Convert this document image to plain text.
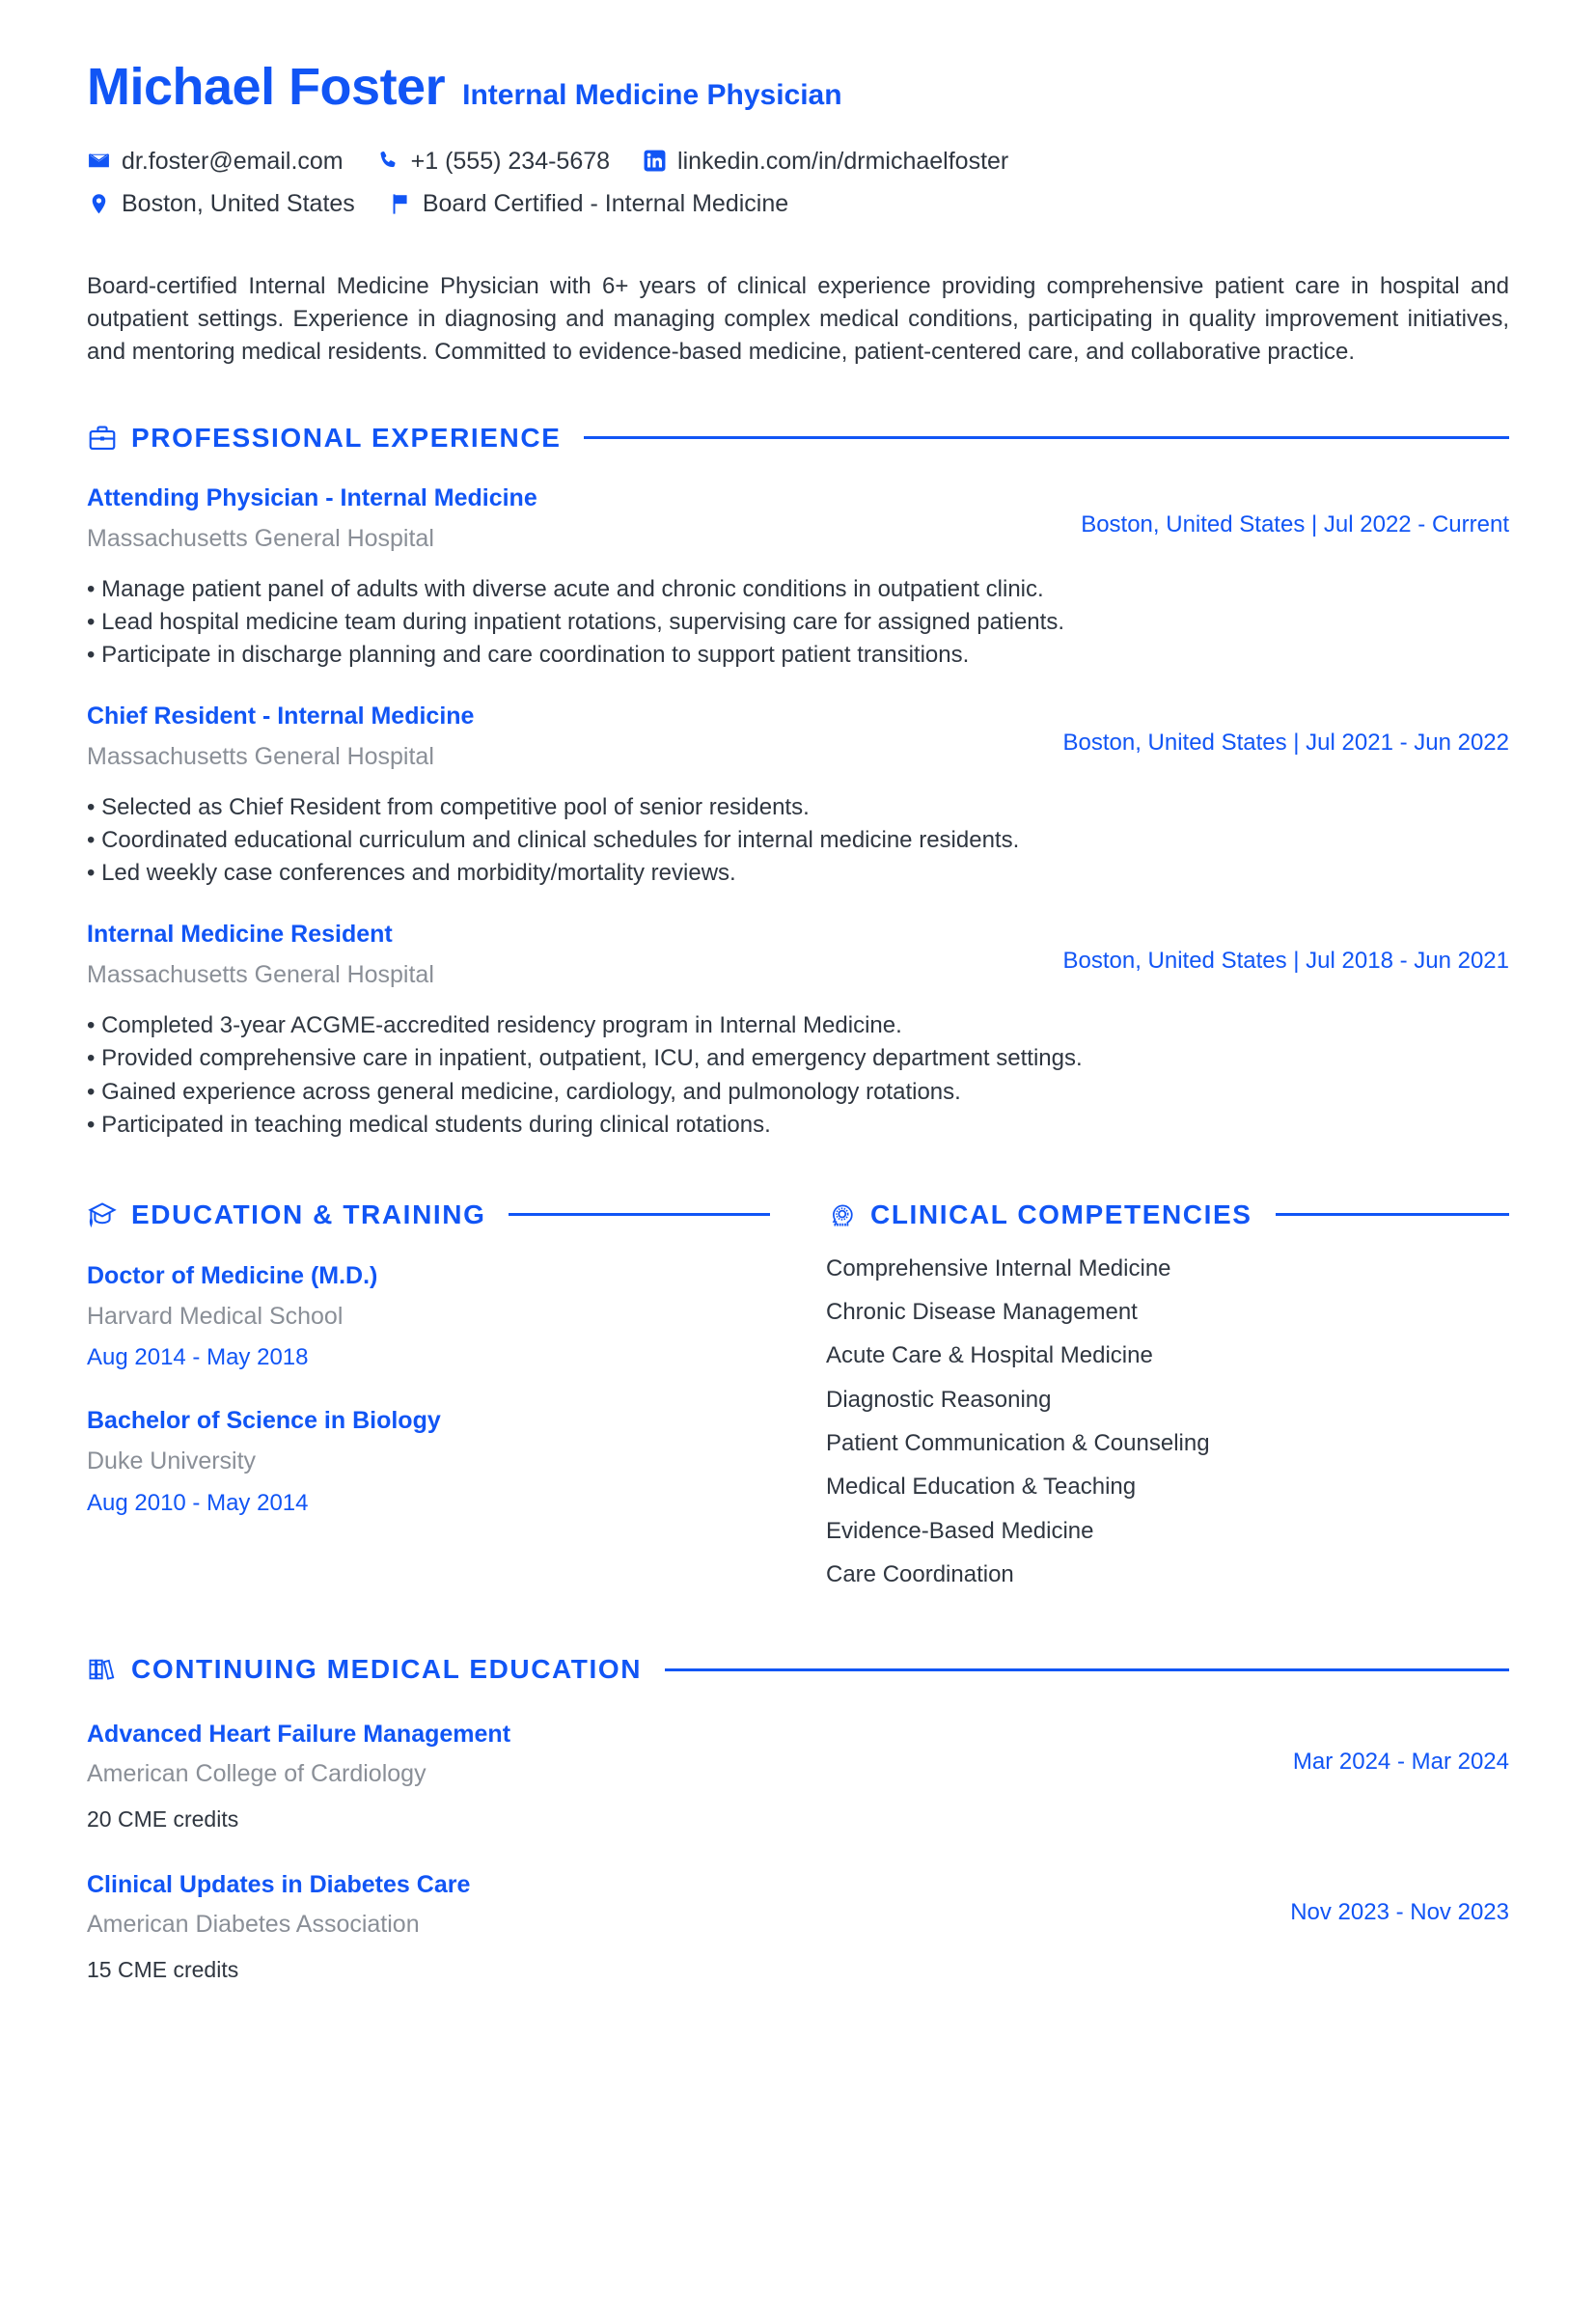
Michael Foster Internal Medicine Physician
dr.foster@email.com	+1 (555) 234-5678	linkedin.com/in/drmichaelfoster
Boston, United States	Board Certified - Internal Medicine
Board-certified Internal Medicine Physician with 6+ years of clinical experience providing comprehensive patient care in hospital and outpatient settings. Experience in diagnosing and managing complex medical conditions, participating in quality improvement initiatives, and mentoring medical residents. Committed to evidence-based medicine, patient-centered care, and collaborative practice.
PROFESSIONAL EXPERIENCE
Attending Physician - Internal Medicine
Massachusetts General Hospital
Boston, United States | Jul 2022 - Current
• Manage patient panel of adults with diverse acute and chronic conditions in outpatient clinic.
• Lead hospital medicine team during inpatient rotations, supervising care for assigned patients.
• Participate in discharge planning and care coordination to support patient transitions.
Chief Resident - Internal Medicine
Massachusetts General Hospital
Boston, United States | Jul 2021 - Jun 2022
• Selected as Chief Resident from competitive pool of senior residents.
• Coordinated educational curriculum and clinical schedules for internal medicine residents.
• Led weekly case conferences and morbidity/mortality reviews.
Internal Medicine Resident
Massachusetts General Hospital
Boston, United States | Jul 2018 - Jun 2021
• Completed 3-year ACGME-accredited residency program in Internal Medicine.
• Provided comprehensive care in inpatient, outpatient, ICU, and emergency department settings.
• Gained experience across general medicine, cardiology, and pulmonology rotations.
• Participated in teaching medical students during clinical rotations.
EDUCATION & TRAINING
Doctor of Medicine (M.D.)
Harvard Medical School
Aug 2014 - May 2018
Bachelor of Science in Biology
Duke University
Aug 2010 - May 2014
CLINICAL COMPETENCIES
Comprehensive Internal Medicine
Chronic Disease Management
Acute Care & Hospital Medicine
Diagnostic Reasoning
Patient Communication & Counseling
Medical Education & Teaching
Evidence-Based Medicine
Care Coordination
CONTINUING MEDICAL EDUCATION
Advanced Heart Failure Management
American College of Cardiology
20 CME credits
Mar 2024 - Mar 2024
Clinical Updates in Diabetes Care
American Diabetes Association
15 CME credits
Nov 2023 - Nov 2023
